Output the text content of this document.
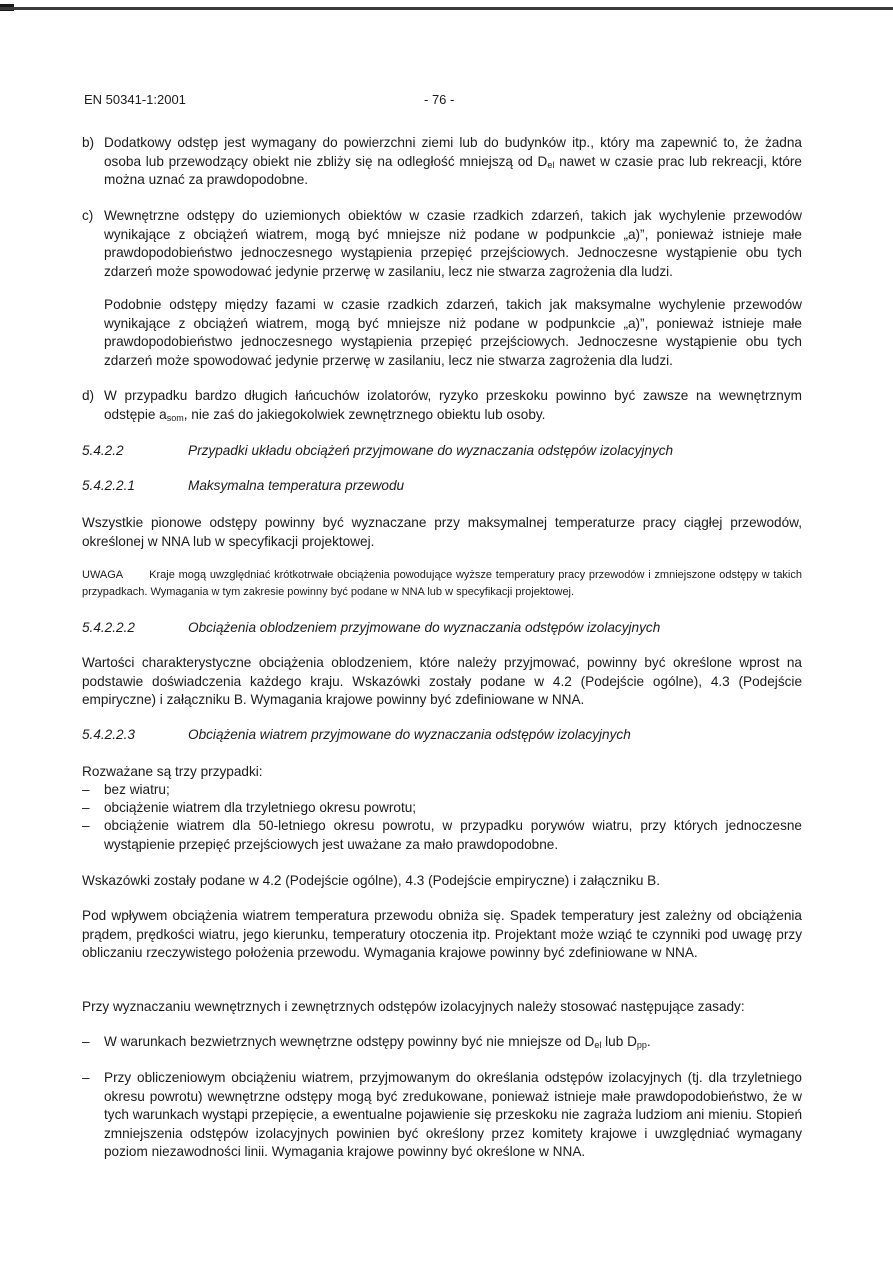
EN 50341-1:2001	- 76 -
b) Dodatkowy odstęp jest wymagany do powierzchni ziemi lub do budynków itp., który ma zapewnić to, że żadna osoba lub przewodzący obiekt nie zbliży się na odległość mniejszą od $D_{el}$ nawet w czasie prac lub rekreacji, które można uznać za prawdopodobne.
c) Wewnętrzne odstępy do uziemionych obiektów w czasie rzadkich zdarzeń, takich jak wychylenie przewodów wynikające z obciążeń wiatrem, mogą być mniejsze niż podane w podpunkcie „a)”, ponieważ istnieje małe prawdopodobieństwo jednoczesnego wystąpienia przepięć przejściowych. Jednoczesne wystąpienie obu tych zdarzeń może spowodować jedynie przerwę w zasilaniu, lecz nie stwarza zagrożenia dla ludzi.
Podobnie odstępy między fazami w czasie rzadkich zdarzeń, takich jak maksymalne wychylenie przewodów wynikające z obciążeń wiatrem, mogą być mniejsze niż podane w podpunkcie „a)”, ponieważ istnieje małe prawdopodobieństwo jednoczesnego wystąpienia przepięć przejściowych. Jednoczesne wystąpienie obu tych zdarzeń może spowodować jedynie przerwę w zasilaniu, lecz nie stwarza zagrożenia dla ludzi.
d) W przypadku bardzo długich łańcuchów izolatorów, ryzyko przeskoku powinno być zawsze na wewnętrznym odstępie $a_{som}$, nie zaś do jakiegokolwiek zewnętrznego obiektu lub osoby.
5.4.2.2	Przypadki układu obciążeń przyjmowane do wyznaczania odstępów izolacyjnych
5.4.2.2.1	Maksymalna temperatura przewodu
Wszystkie pionowe odstępy powinny być wyznaczane przy maksymalnej temperaturze pracy ciągłej przewodów, określonej w NNA lub w specyfikacji projektowej.
UWAGA Kraje mogą uwzględniać krótkotrwałe obciążenia powodujące wyższe temperatury pracy przewodów i zmniejszone odstępy w takich przypadkach. Wymagania w tym zakresie powinny być podane w NNA lub w specyfikacji projektowej.
5.4.2.2.2	Obciążenia oblodzeniem przyjmowane do wyznaczania odstępów izolacyjnych
Wartości charakterystyczne obciążenia oblodzeniem, które należy przyjmować, powinny być określone wprost na podstawie doświadczenia każdego kraju. Wskazówki zostały podane w 4.2 (Podejście ogólne), 4.3 (Podejście empiryczne) i załączniku B. Wymagania krajowe powinny być zdefiniowane w NNA.
5.4.2.2.3	Obciążenia wiatrem przyjmowane do wyznaczania odstępów izolacyjnych
Rozważane są trzy przypadki:
– bez wiatru;
– obciążenie wiatrem dla trzyletniego okresu powrotu;
– obciążenie wiatrem dla 50-letniego okresu powrotu, w przypadku porywów wiatru, przy których jednoczesne wystąpienie przepięć przejściowych jest uważane za mało prawdopodobne.
Wskazówki zostały podane w 4.2 (Podejście ogólne), 4.3 (Podejście empiryczne) i załączniku B.
Pod wpływem obciążenia wiatrem temperatura przewodu obniża się. Spadek temperatury jest zależny od obciążenia prądem, prędkości wiatru, jego kierunku, temperatury otoczenia itp. Projektant może wziąć te czynniki pod uwagę przy obliczaniu rzeczywistego położenia przewodu. Wymagania krajowe powinny być zdefiniowane w NNA.
Przy wyznaczaniu wewnętrznych i zewnętrznych odstępów izolacyjnych należy stosować następujące zasady:
– W warunkach bezwietrznych wewnętrzne odstępy powinny być nie mniejsze od $D_{el}$ lub $D_{pp}$.
– Przy obliczeniowym obciążeniu wiatrem, przyjmowanym do określania odstępów izolacyjnych (tj. dla trzyletniego okresu powrotu) wewnętrzne odstępy mogą być zredukowane, ponieważ istnieje małe prawdopodobieństwo, że w tych warunkach wystąpi przepięcie, a ewentualne pojawienie się przeskoku nie zagraża ludziom ani mieniu. Stopień zmniejszenia odstępów izolacyjnych powinien być określony przez komitety krajowe i uwzględniać wymagany poziom niezawodności linii. Wymagania krajowe powinny być określone w NNA.
